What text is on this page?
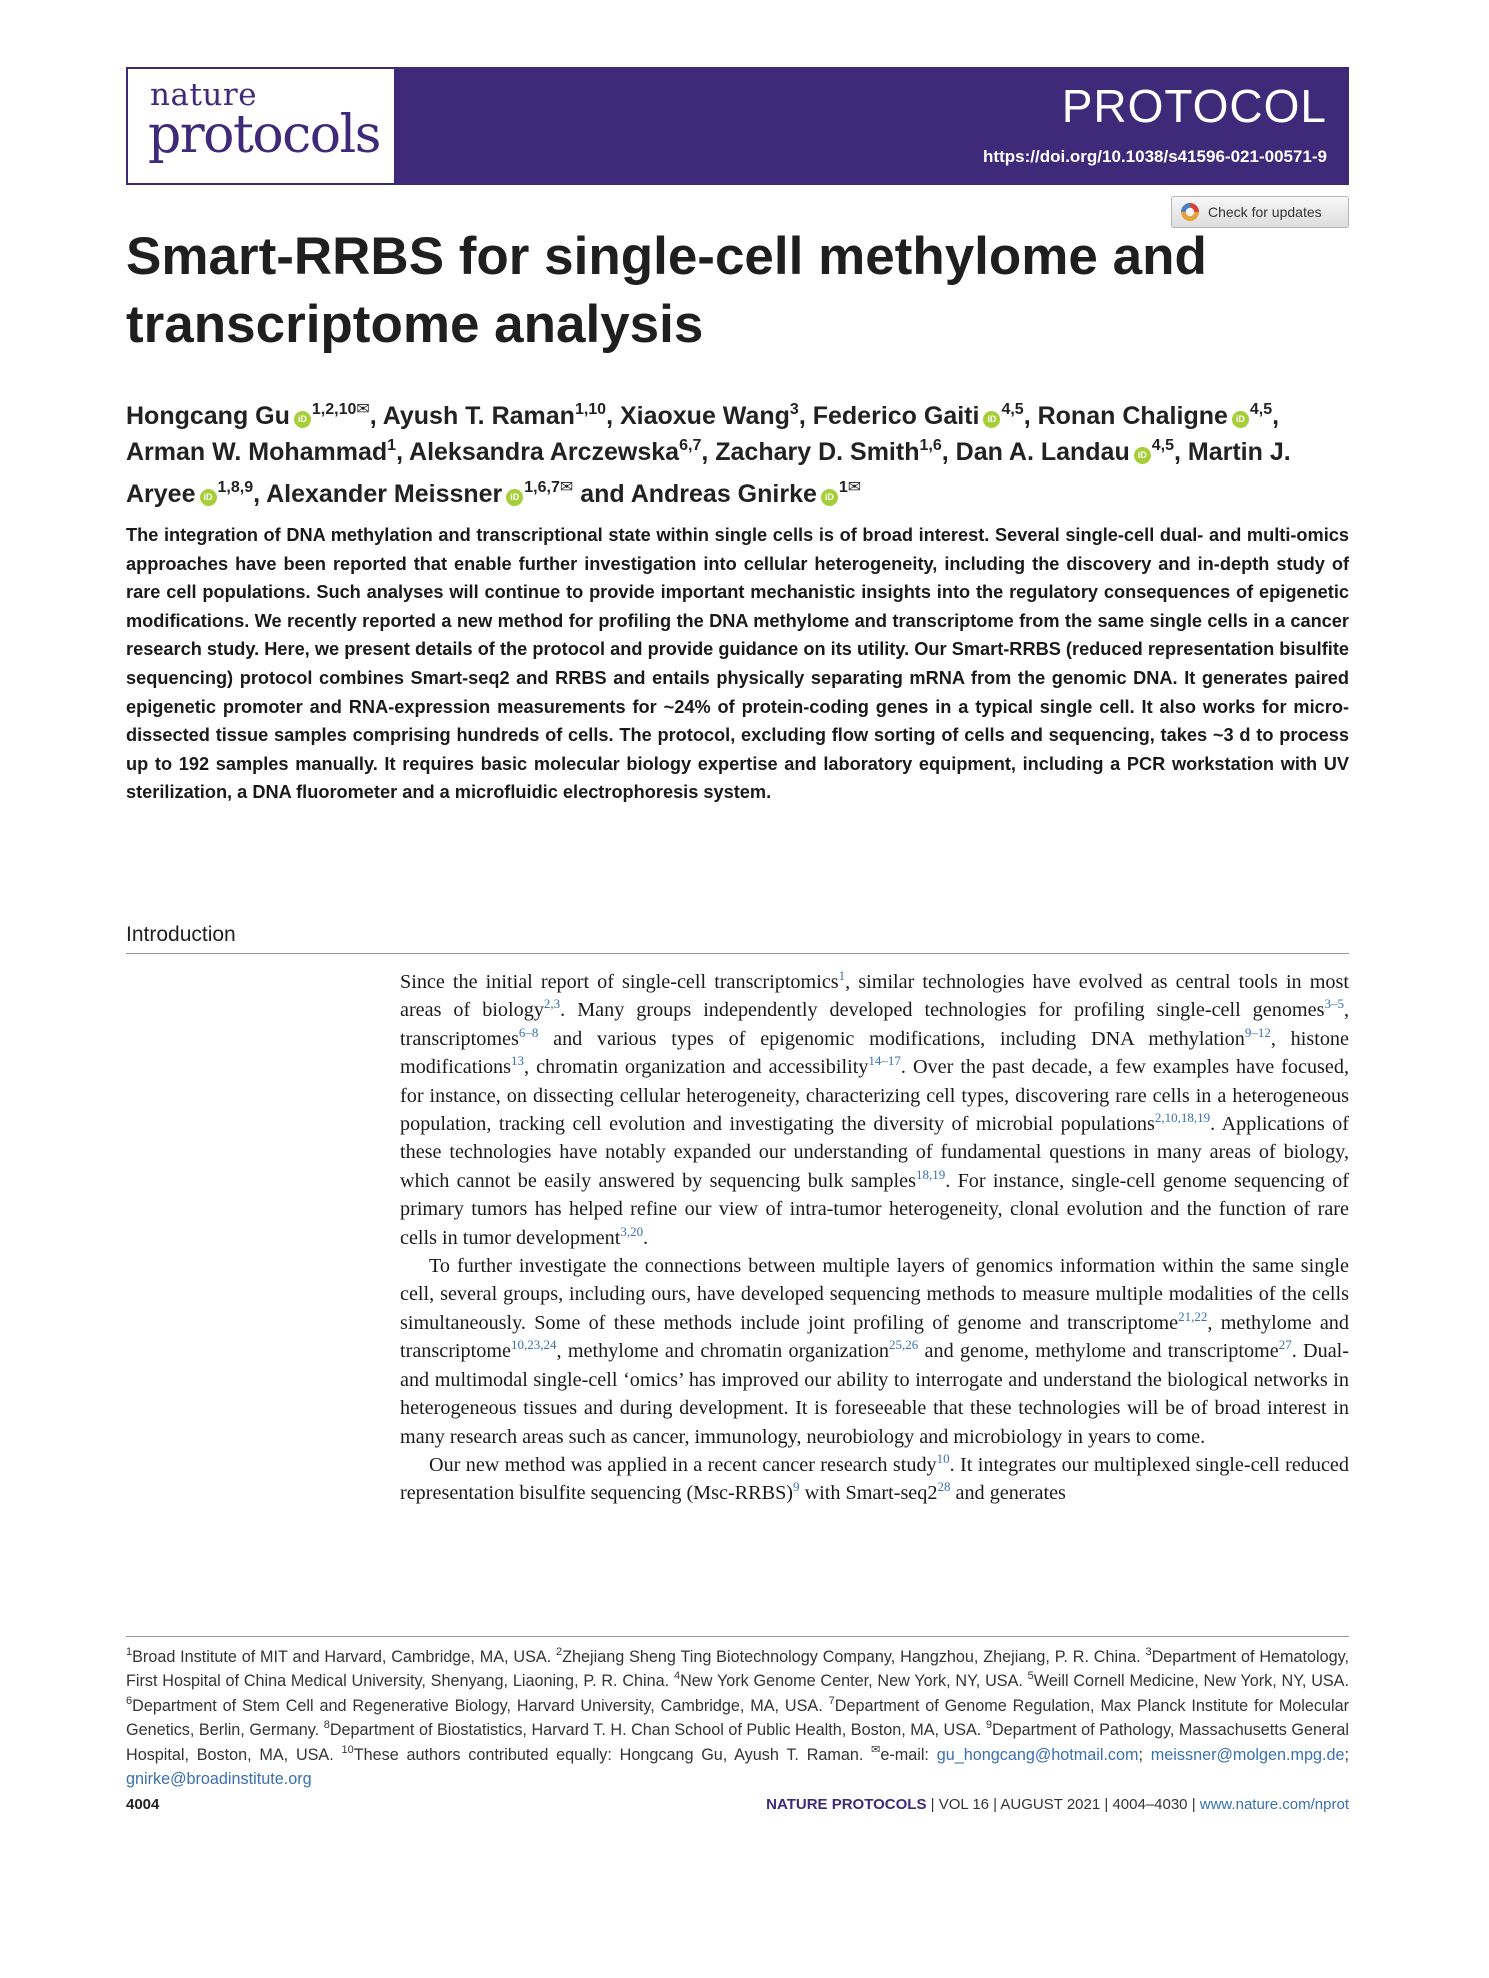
nature
protocols	PROTOCOL
https://doi.org/10.1038/s41596-021-00571-9
Check for updates
Smart-RRBS for single-cell methylome and transcriptome analysis
Hongcang Gu iD$^{1,2,10✉}$, Ayush T. Raman$^{1,10}$, Xiaoxue Wang$^3$, Federico Gaiti iD$^{4,5}$, Ronan Chaligne iD$^{4,5}$, Arman W. Mohammad$^1$, Aleksandra Arczewska$^{6,7}$, Zachary D. Smith$^{1,6}$, Dan A. Landau iD$^{4,5}$, Martin J. Aryee iD$^{1,8,9}$, Alexander Meissner iD$^{1,6,7✉}$ and Andreas Gnirke iD$^{1✉}$
The integration of DNA methylation and transcriptional state within single cells is of broad interest. Several single-cell dual- and multi-omics approaches have been reported that enable further investigation into cellular heterogeneity, including the discovery and in-depth study of rare cell populations. Such analyses will continue to provide important mechanistic insights into the regulatory consequences of epigenetic modifications. We recently reported a new method for profiling the DNA methylome and transcriptome from the same single cells in a cancer research study. Here, we present details of the protocol and provide guidance on its utility. Our Smart-RRBS (reduced representation bisulfite sequencing) protocol combines Smart-seq2 and RRBS and entails physically separating mRNA from the genomic DNA. It generates paired epigenetic promoter and RNA-expression measurements for ~24% of protein-coding genes in a typical single cell. It also works for micro-dissected tissue samples comprising hundreds of cells. The protocol, excluding flow sorting of cells and sequencing, takes ~3 d to process up to 192 samples manually. It requires basic molecular biology expertise and laboratory equipment, including a PCR workstation with UV sterilization, a DNA fluorometer and a microfluidic electrophoresis system.
Introduction

Since the initial report of single-cell transcriptomics$^1$, similar technologies have evolved as central tools in most areas of biology$^{2,3}$. Many groups independently developed technologies for profiling single-cell genomes$^{3-5}$, transcriptomes$^{6-8}$ and various types of epigenomic modifications, including DNA methylation$^{9-12}$, histone modifications$^{13}$, chromatin organization and accessibility$^{14-17}$. Over the past decade, a few examples have focused, for instance, on dissecting cellular heterogeneity, characterizing cell types, discovering rare cells in a heterogeneous population, tracking cell evolution and investigating the diversity of microbial populations$^{2,10,18,19}$. Applications of these technologies have notably expanded our understanding of fundamental questions in many areas of biology, which cannot be easily answered by sequencing bulk samples$^{18,19}$. For instance, single-cell genome sequencing of primary tumors has helped refine our view of intra-tumor heterogeneity, clonal evolution and the function of rare cells in tumor development$^{3,20}$.

To further investigate the connections between multiple layers of genomics information within the same single cell, several groups, including ours, have developed sequencing methods to measure multiple modalities of the cells simultaneously. Some of these methods include joint profiling of genome and transcriptome$^{21,22}$, methylome and transcriptome$^{10,23,24}$, methylome and chromatin organization$^{25,26}$ and genome, methylome and transcriptome$^{27}$. Dual- and multimodal single-cell ‘omics’ has improved our ability to interrogate and understand the biological networks in heterogeneous tissues and during development. It is foreseeable that these technologies will be of broad interest in many research areas such as cancer, immunology, neurobiology and microbiology in years to come.

Our new method was applied in a recent cancer research study$^{10}$. It integrates our multiplexed single-cell reduced representation bisulfite sequencing (Msc-RRBS)$^9$ with Smart-seq2$^{28}$ and generates

$^1$Broad Institute of MIT and Harvard, Cambridge, MA, USA. $^2$Zhejiang Sheng Ting Biotechnology Company, Hangzhou, Zhejiang, P. R. China. $^3$Department of Hematology, First Hospital of China Medical University, Shenyang, Liaoning, P. R. China. $^4$New York Genome Center, New York, NY, USA. $^5$Weill Cornell Medicine, New York, NY, USA. $^6$Department of Stem Cell and Regenerative Biology, Harvard University, Cambridge, MA, USA. $^7$Department of Genome Regulation, Max Planck Institute for Molecular Genetics, Berlin, Germany. $^8$Department of Biostatistics, Harvard T. H. Chan School of Public Health, Boston, MA, USA. $^9$Department of Pathology, Massachusetts General Hospital, Boston, MA, USA. $^{10}$These authors contributed equally: Hongcang Gu, Ayush T. Raman. ✉e-mail: gu_hongcang@hotmail.com; meissner@molgen.mpg.de; gnirke@broadinstitute.org
4004	NATURE PROTOCOLS | VOL 16 | AUGUST 2021 | 4004–4030 | www.nature.com/nprot
